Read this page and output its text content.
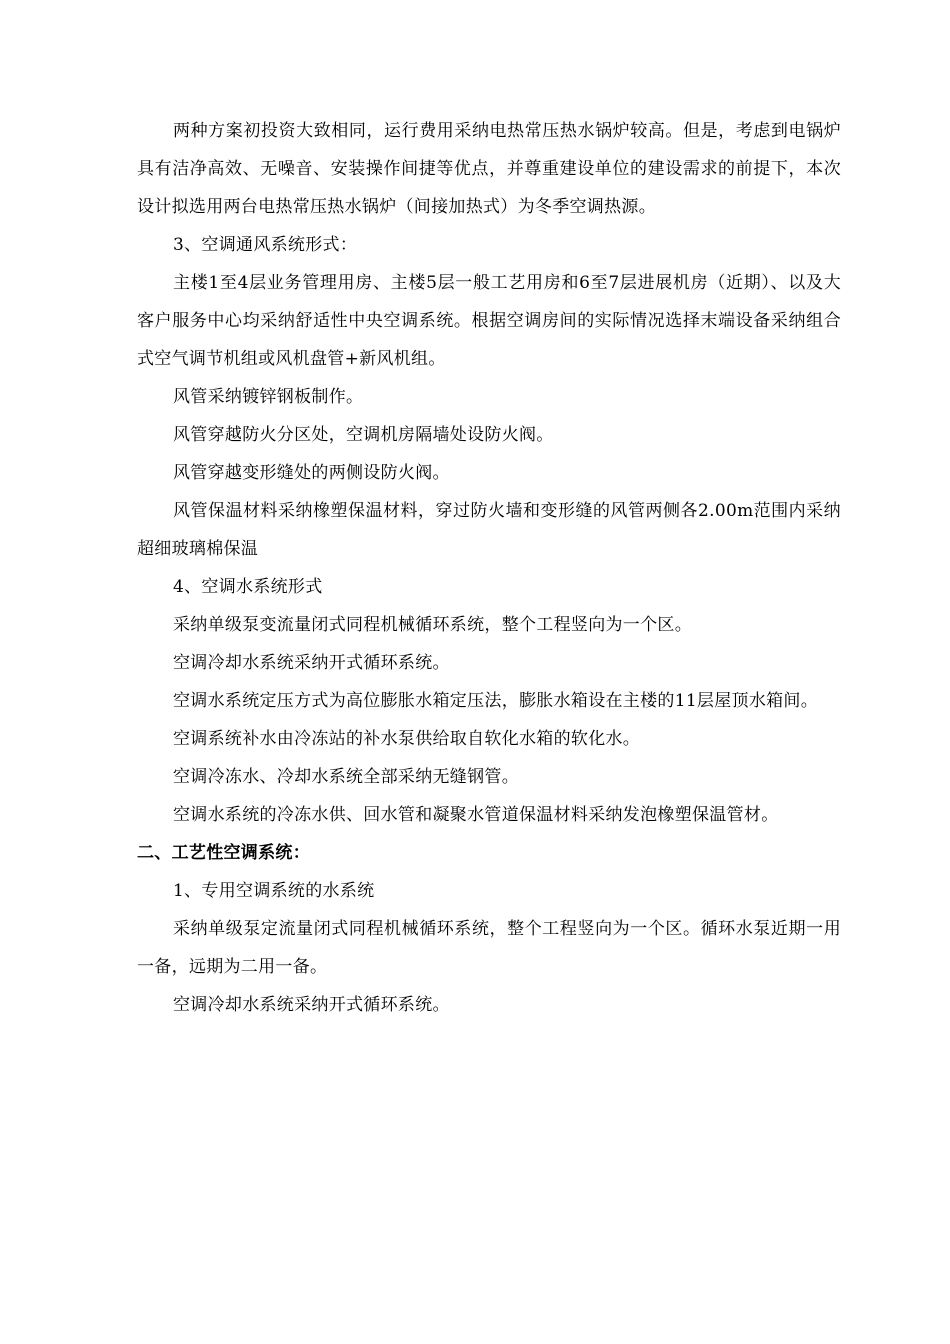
两种方案初投资大致相同，运行费用采纳电热常压热水锅炉较高。但是，考虑到电锅炉具有洁净高效、无噪音、安装操作间捷等优点，并尊重建设单位的建设需求的前提下，本次设计拟选用两台电热常压热水锅炉（间接加热式）为冬季空调热源。

3、空调通风系统形式：

主楼1至4层业务管理用房、主楼5层一般工艺用房和6至7层进展机房（近期）、以及大客户服务中心均采纳舒适性中央空调系统。根据空调房间的实际情况选择末端设备采纳组合式空气调节机组或风机盘管+新风机组。

风管采纳镀锌钢板制作。

风管穿越防火分区处，空调机房隔墙处设防火阀。

风管穿越变形缝处的两侧设防火阀。

风管保温材料采纳橡塑保温材料，穿过防火墙和变形缝的风管两侧各2.00m范围内采纳超细玻璃棉保温

4、空调水系统形式

采纳单级泵变流量闭式同程机械循环系统，整个工程竖向为一个区。

空调冷却水系统采纳开式循环系统。

空调水系统定压方式为高位膨胀水箱定压法，膨胀水箱设在主楼的11层屋顶水箱间。

空调系统补水由冷冻站的补水泵供给取自软化水箱的软化水。

空调冷冻水、冷却水系统全部采纳无缝钢管。

空调水系统的冷冻水供、回水管和凝聚水管道保温材料采纳发泡橡塑保温管材。

二、工艺性空调系统：

1、专用空调系统的水系统

采纳单级泵定流量闭式同程机械循环系统，整个工程竖向为一个区。循环水泵近期一用一备，远期为二用一备。

空调冷却水系统采纳开式循环系统。
